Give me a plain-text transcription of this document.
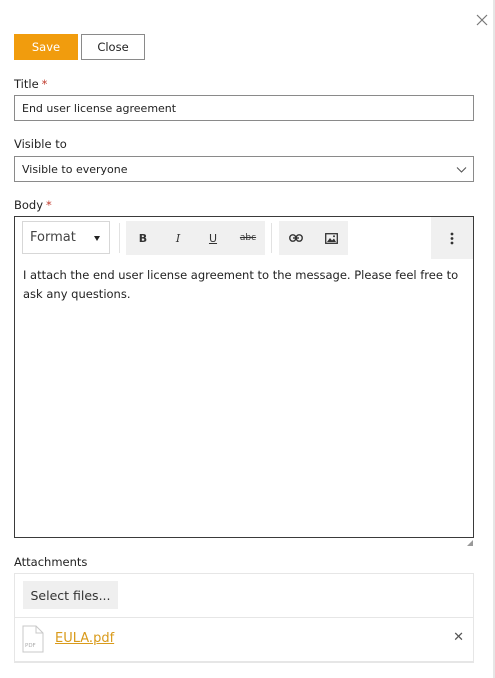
Save	Close
Title *
End user license agreement
Visible to
Visible to everyone
Body *
Format	B	I	U	abc
I attach the end user license agreement to the message. Please feel free to ask any questions.
Attachments
Select files...
PDF EULA.pdf	✕
